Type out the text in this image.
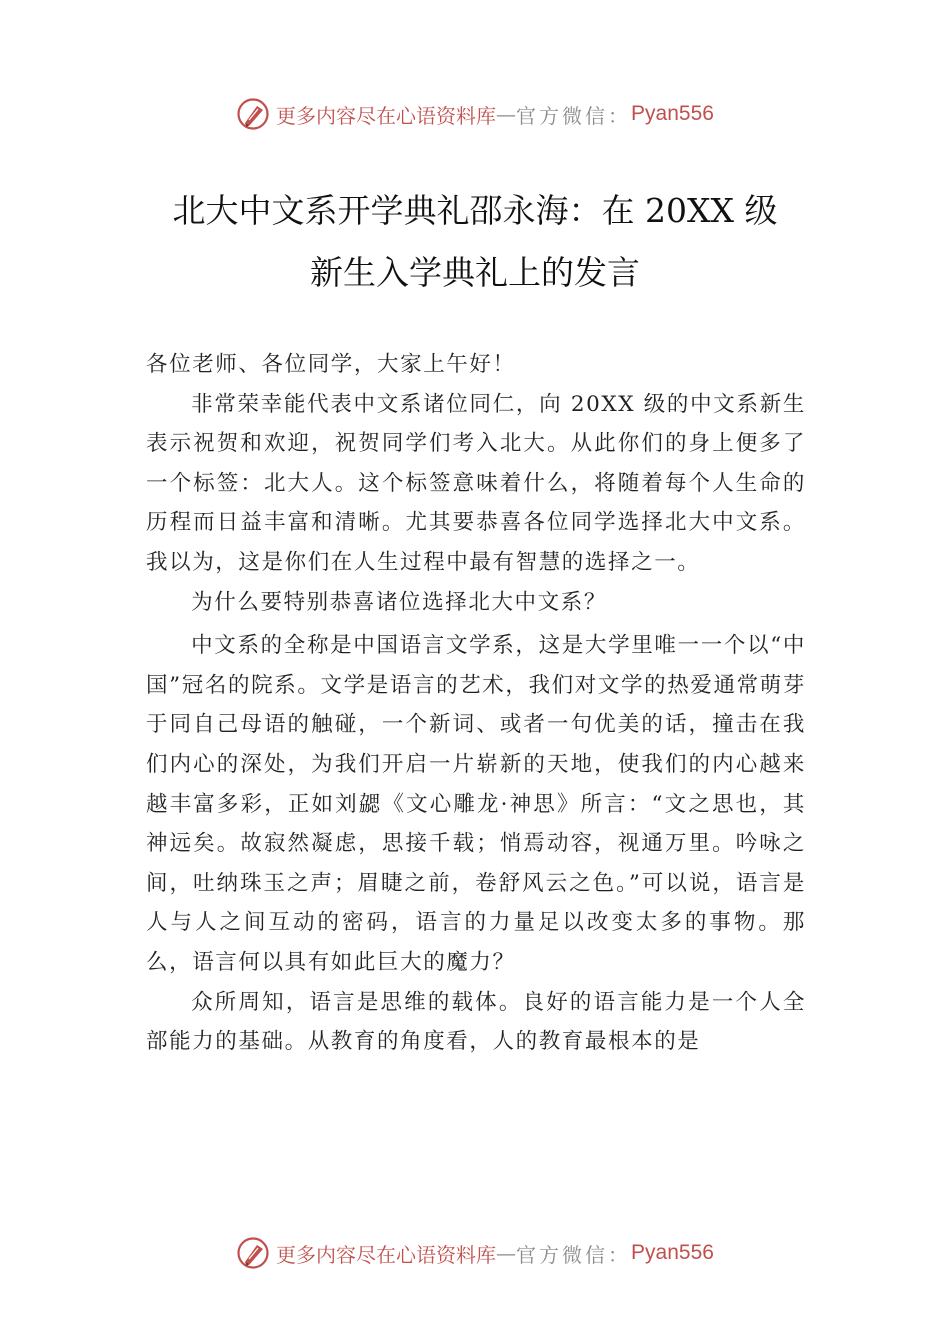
更多内容尽在心语资料库 — 官方微信： Pyan556
北大中文系开学典礼邵永海：在 20XX 级
新生入学典礼上的发言

各位老师、各位同学，大家上午好！

非常荣幸能代表中文系诸位同仁，向 20XX 级的中文系新生表示祝贺和欢迎，祝贺同学们考入北大。从此你们的身上便多了一个标签：北大人。这个标签意味着什么，将随着每个人生命的历程而日益丰富和清晰。尤其要恭喜各位同学选择北大中文系。我以为，这是你们在人生过程中最有智慧的选择之一。

为什么要特别恭喜诸位选择北大中文系？

中文系的全称是中国语言文学系，这是大学里唯一一个以“中国”冠名的院系。文学是语言的艺术，我们对文学的热爱通常萌芽于同自己母语的触碰，一个新词、或者一句优美的话，撞击在我们内心的深处，为我们开启一片崭新的天地，使我们的内心越来越丰富多彩，正如刘勰《文心雕龙·神思》所言：“文之思也，其神远矣。故寂然凝虑，思接千载；悄焉动容，视通万里。吟咏之间，吐纳珠玉之声；眉睫之前，卷舒风云之色。”可以说，语言是人与人之间互动的密码，语言的力量足以改变太多的事物。那么，语言何以具有如此巨大的魔力？

众所周知，语言是思维的载体。良好的语言能力是一个人全部能力的基础。从教育的角度看，人的教育最根本的是

更多内容尽在心语资料库 — 官方微信： Pyan556
